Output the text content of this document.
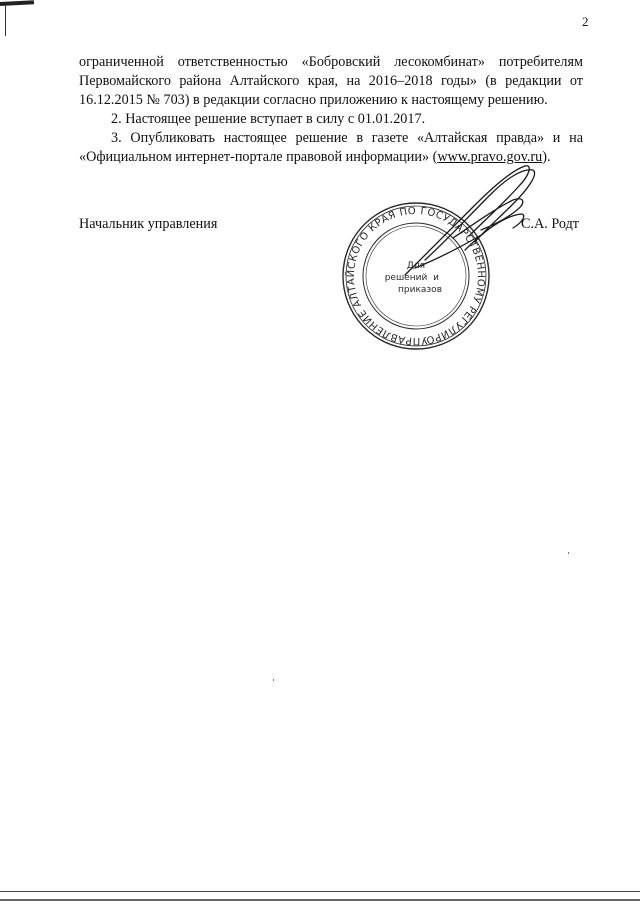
2

ограниченной ответственностью «Бобровский лесокомбинат» потребителям Первомайского района Алтайского края, на 2016–2018 годы» (в редакции от 16.12.2015 № 703) в редакции согласно приложению к настоящему решению.

2. Настоящее решение вступает в силу с 01.01.2017.

3. Опубликовать настоящее решение в газете «Алтайская правда» и на «Официальном интернет-портале правовой информации» (www.pravo.gov.ru).

Начальник управления	С.А. Родт
УПРАВЛЕНИЕ АЛТАЙСКОГО КРАЯ ПО ГОСУДАРСТВЕННОМУ РЕГУЛИРОВАНИЮ
Для
решений и
приказов
